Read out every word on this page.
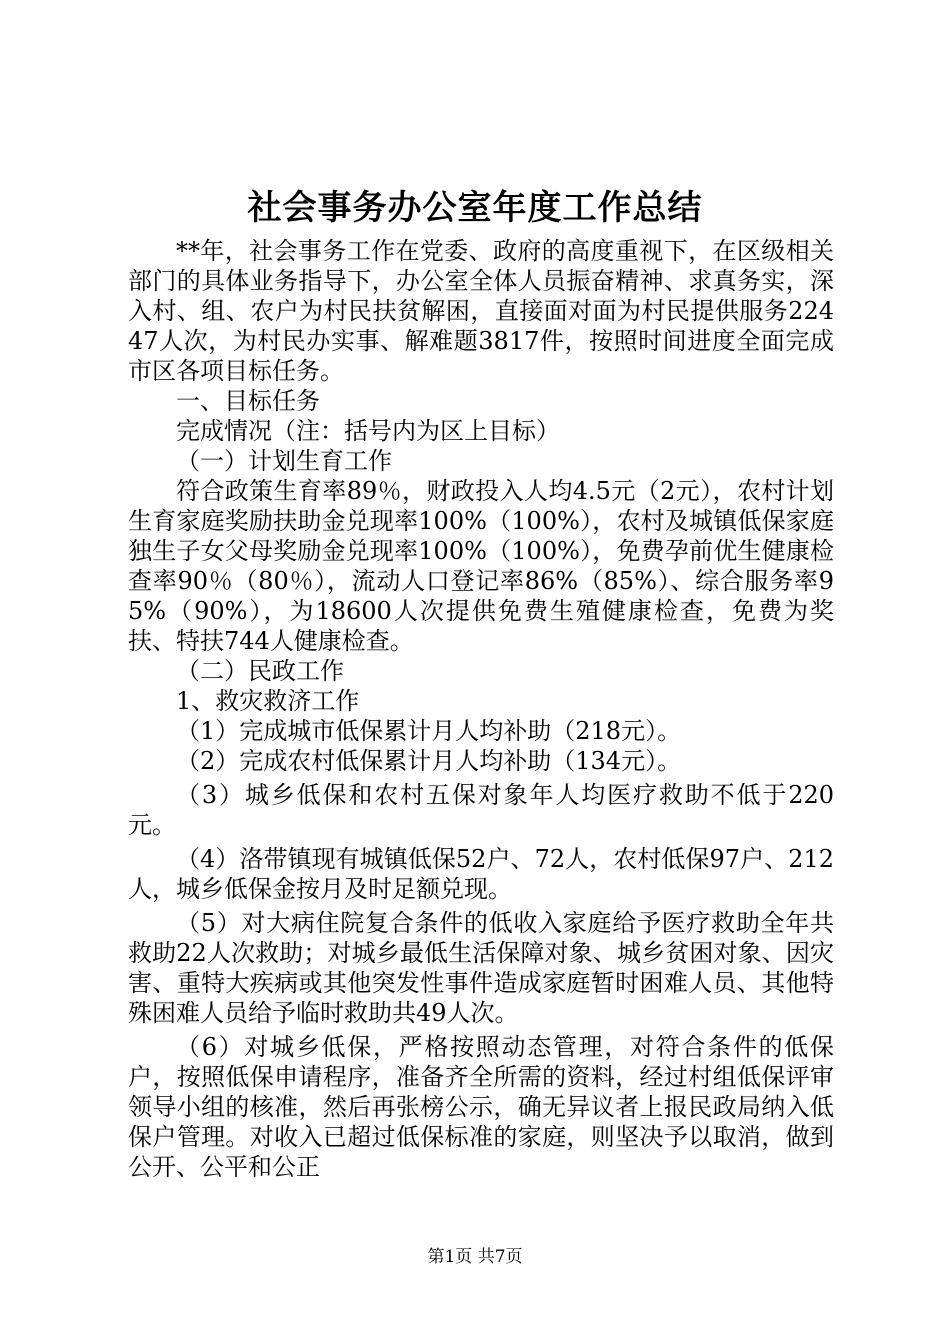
社会事务办公室年度工作总结

**年，社会事务工作在党委、政府的高度重视下，在区级相关部门的具体业务指导下，办公室全体人员振奋精神、求真务实，深入村、组、农户为村民扶贫解困，直接面对面为村民提供服务22447人次，为村民办实事、解难题3817件，按照时间进度全面完成市区各项目标任务。

一、目标任务

完成情况（注：括号内为区上目标）

（一）计划生育工作

符合政策生育率89％，财政投入人均4.5元（2元），农村计划生育家庭奖励扶助金兑现率100%（100%），农村及城镇低保家庭独生子女父母奖励金兑现率100%（100%），免费孕前优生健康检查率90％（80％），流动人口登记率86%（85%）、综合服务率95%（90%），为18600人次提供免费生殖健康检查，免费为奖扶、特扶744人健康检查。

（二）民政工作

1、救灾救济工作

（1）完成城市低保累计月人均补助（218元）。

（2）完成农村低保累计月人均补助（134元）。

（3）城乡低保和农村五保对象年人均医疗救助不低于220元。

（4）洛带镇现有城镇低保52户、72人，农村低保97户、212人，城乡低保金按月及时足额兑现。

（5）对大病住院复合条件的低收入家庭给予医疗救助全年共救助22人次救助；对城乡最低生活保障对象、城乡贫困对象、因灾害、重特大疾病或其他突发性事件造成家庭暂时困难人员、其他特殊困难人员给予临时救助共49人次。

（6）对城乡低保，严格按照动态管理，对符合条件的低保户，按照低保申请程序，准备齐全所需的资料，经过村组低保评审领导小组的核准，然后再张榜公示，确无异议者上报民政局纳入低保户管理。对收入已超过低保标准的家庭，则坚决予以取消，做到公开、公平和公正

第1页 共7页
